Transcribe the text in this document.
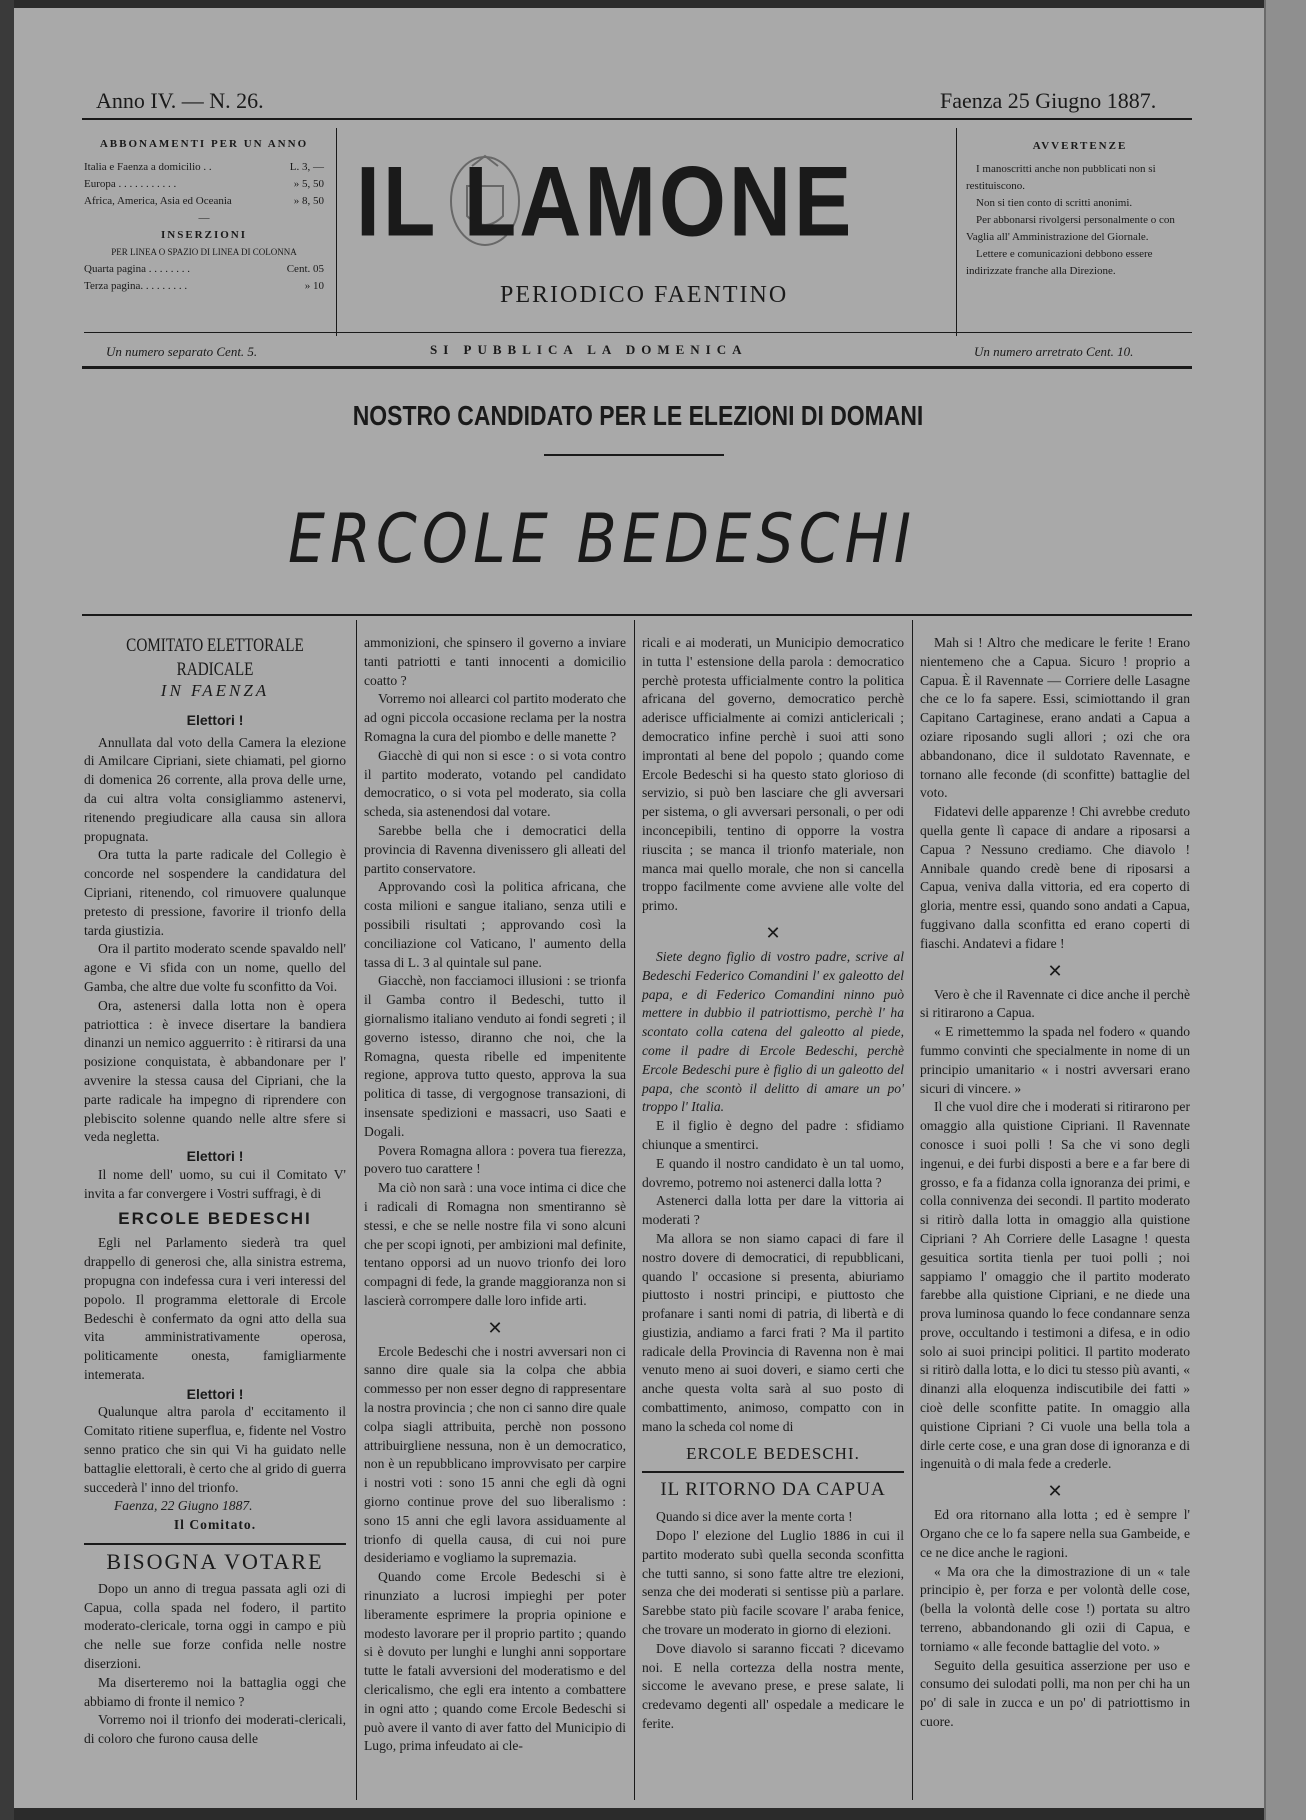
Anno IV. — N. 26.	Faenza 25 Giugno 1887.
ABBONAMENTI PER UN ANNO
Italia e Faenza a domicilio . .	L. 3, —
Europa . . . . . . . . . . .	» 5, 50
Africa, America, Asia ed Oceania	» 8, 50
—
INSERZIONI
PER LINEA O SPAZIO DI LINEA DI COLONNA
Quarta pagina . . . . . . . .	Cent. 05
Terza pagina. . . . . . . . .	» 10
Un numero separato Cent. 5.
IL LAMONE
PERIODICO FAENTINO
SI PUBBLICA LA DOMENICA
AVVERTENZE

I manoscritti anche non pubblicati non si restituiscono.

Non si tien conto di scritti anonimi.

Per abbonarsi rivolgersi personalmente o con Vaglia all' Amministrazione del Giornale.

Lettere e comunicazioni debbono essere indirizzate franche alla Direzione.

Un numero arretrato Cent. 10.
NOSTRO CANDIDATO PER LE ELEZIONI DI DOMANI
ERCOLE BEDESCHI
COMITATO ELETTORALE RADICALE
IN FAENZA
Elettori !

Annullata dal voto della Camera la elezione di Amilcare Cipriani, siete chiamati, pel giorno di domenica 26 corrente, alla prova delle urne, da cui altra volta consigliammo astenervi, ritenendo pregiudicare alla causa sin allora propugnata.

Ora tutta la parte radicale del Collegio è concorde nel sospendere la candidatura del Cipriani, ritenendo, col rimuovere qualunque pretesto di pressione, favorire il trionfo della tarda giustizia.

Ora il partito moderato scende spavaldo nell' agone e Vi sfida con un nome, quello del Gamba, che altre due volte fu sconfitto da Voi.

Ora, astenersi dalla lotta non è opera patriottica : è invece disertare la bandiera dinanzi un nemico agguerrito : è ritirarsi da una posizione conquistata, è abbandonare per l' avvenire la stessa causa del Cipriani, che la parte radicale ha impegno di riprendere con plebiscito solenne quando nelle altre sfere si veda negletta.

Elettori !

Il nome dell' uomo, su cui il Comitato V' invita a far convergere i Vostri suffragi, è di

ERCOLE BEDESCHI

Egli nel Parlamento siederà tra quel drappello di generosi che, alla sinistra estrema, propugna con indefessa cura i veri interessi del popolo. Il programma elettorale di Ercole Bedeschi è confermato da ogni atto della sua vita amministrativamente operosa, politicamente onesta, famigliarmente intemerata.

Elettori !

Qualunque altra parola d' eccitamento il Comitato ritiene superflua, e, fidente nel Vostro senno pratico che sin qui Vi ha guidato nelle battaglie elettorali, è certo che al grido di guerra succederà l' inno del trionfo.

Faenza, 22 Giugno 1887.
Il Comitato.
BISOGNA VOTARE

Dopo un anno di tregua passata agli ozi di Capua, colla spada nel fodero, il partito moderato-clericale, torna oggi in campo e più che nelle sue forze confida nelle nostre diserzioni.

Ma diserteremo noi la battaglia oggi che abbiamo di fronte il nemico ?

Vorremo noi il trionfo dei moderati-clericali, di coloro che furono causa delle

ammonizioni, che spinsero il governo a inviare tanti patriotti e tanti innocenti a domicilio coatto ?

Vorremo noi allearci col partito moderato che ad ogni piccola occasione reclama per la nostra Romagna la cura del piombo e delle manette ?

Giacchè di qui non si esce : o si vota contro il partito moderato, votando pel candidato democratico, o si vota pel moderato, sia colla scheda, sia astenendosi dal votare.

Sarebbe bella che i democratici della provincia di Ravenna divenissero gli alleati del partito conservatore.

Approvando così la politica africana, che costa milioni e sangue italiano, senza utili e possibili risultati ; approvando così la conciliazione col Vaticano, l' aumento della tassa di L. 3 al quintale sul pane.

Giacchè, non facciamoci illusioni : se trionfa il Gamba contro il Bedeschi, tutto il giornalismo italiano venduto ai fondi segreti ; il governo istesso, diranno che noi, che la Romagna, questa ribelle ed impenitente regione, approva tutto questo, approva la sua politica di tasse, di vergognose transazioni, di insensate spedizioni e massacri, uso Saati e Dogali.

Povera Romagna allora : povera tua fierezza, povero tuo carattere !

Ma ciò non sarà : una voce intima ci dice che i radicali di Romagna non smentiranno sè stessi, e che se nelle nostre fila vi sono alcuni che per scopi ignoti, per ambizioni mal definite, tentano opporsi ad un nuovo trionfo dei loro compagni di fede, la grande maggioranza non si lascierà corrompere dalle loro infide arti.

✕

Ercole Bedeschi che i nostri avversari non ci sanno dire quale sia la colpa che abbia commesso per non esser degno di rappresentare la nostra provincia ; che non ci sanno dire quale colpa siagli attribuita, perchè non possono attribuirgliene nessuna, non è un democratico, non è un repubblicano improvvisato per carpire i nostri voti : sono 15 anni che egli dà ogni giorno continue prove del suo liberalismo : sono 15 anni che egli lavora assiduamente al trionfo di quella causa, di cui noi pure desideriamo e vogliamo la supremazia.

Quando come Ercole Bedeschi si è rinunziato a lucrosi impieghi per poter liberamente esprimere la propria opinione e modesto lavorare per il proprio partito ; quando si è dovuto per lunghi e lunghi anni sopportare tutte le fatali avversioni del moderatismo e del clericalismo, che egli era intento a combattere in ogni atto ; quando come Ercole Bedeschi si può avere il vanto di aver fatto del Municipio di Lugo, prima infeudato ai cle-

ricali e ai moderati, un Municipio democratico in tutta l' estensione della parola : democratico perchè protesta ufficialmente contro la politica africana del governo, democratico perchè aderisce ufficialmente ai comizi anticlericali ; democratico infine perchè i suoi atti sono improntati al bene del popolo ; quando come Ercole Bedeschi si ha questo stato glorioso di servizio, si può ben lasciare che gli avversari per sistema, o gli avversari personali, o per odi inconcepibili, tentino di opporre la vostra riuscita ; se manca il trionfo materiale, non manca mai quello morale, che non si cancella troppo facilmente come avviene alle volte del primo.

✕

Siete degno figlio di vostro padre, scrive al Bedeschi Federico Comandini l' ex galeotto del papa, e di Federico Comandini ninno può mettere in dubbio il patriottismo, perchè l' ha scontato colla catena del galeotto al piede, come il padre di Ercole Bedeschi, perchè Ercole Bedeschi pure è figlio di un galeotto del papa, che scontò il delitto di amare un po' troppo l' Italia.

E il figlio è degno del padre : sfidiamo chiunque a smentirci.

E quando il nostro candidato è un tal uomo, dovremo, potremo noi astenerci dalla lotta ?

Astenerci dalla lotta per dare la vittoria ai moderati ?

Ma allora se non siamo capaci di fare il nostro dovere di democratici, di repubblicani, quando l' occasione si presenta, abiuriamo piuttosto i nostri principi, e piuttosto che profanare i santi nomi di patria, di libertà e di giustizia, andiamo a farci frati ? Ma il partito radicale della Provincia di Ravenna non è mai venuto meno ai suoi doveri, e siamo certi che anche questa volta sarà al suo posto di combattimento, animoso, compatto con in mano la scheda col nome di

ERCOLE BEDESCHI.
IL RITORNO DA CAPUA

Quando si dice aver la mente corta !

Dopo l' elezione del Luglio 1886 in cui il partito moderato subì quella seconda sconfitta che tutti sanno, si sono fatte altre tre elezioni, senza che dei moderati si sentisse più a parlare. Sarebbe stato più facile scovare l' araba fenice, che trovare un moderato in giorno di elezioni.

Dove diavolo si saranno ficcati ? dicevamo noi. E nella cortezza della nostra mente, siccome le avevano prese, e prese salate, li credevamo degenti all' ospedale a medicare le ferite.

Mah si ! Altro che medicare le ferite ! Erano nientemeno che a Capua. Sicuro ! proprio a Capua. È il Ravennate — Corriere delle Lasagne che ce lo fa sapere. Essi, scimiottando il gran Capitano Cartaginese, erano andati a Capua a oziare riposando sugli allori ; ozi che ora abbandonano, dice il suldotato Ravennate, e tornano alle feconde (di sconfitte) battaglie del voto.

Fidatevi delle apparenze ! Chi avrebbe creduto quella gente lì capace di andare a riposarsi a Capua ? Nessuno crediamo. Che diavolo ! Annibale quando credè bene di riposarsi a Capua, veniva dalla vittoria, ed era coperto di gloria, mentre essi, quando sono andati a Capua, fuggivano dalla sconfitta ed erano coperti di fiaschi. Andatevi a fidare !

✕

Vero è che il Ravennate ci dice anche il perchè si ritirarono a Capua.

« E rimettemmo la spada nel fodero « quando fummo convinti che specialmente in nome di un principio umanitario « i nostri avversari erano sicuri di vincere. »

Il che vuol dire che i moderati si ritirarono per omaggio alla quistione Cipriani. Il Ravennate conosce i suoi polli ! Sa che vi sono degli ingenui, e dei furbi disposti a bere e a far bere di grosso, e fa a fidanza colla ignoranza dei primi, e colla connivenza dei secondi. Il partito moderato si ritirò dalla lotta in omaggio alla quistione Cipriani ? Ah Corriere delle Lasagne ! questa gesuitica sortita tienla per tuoi polli ; noi sappiamo l' omaggio che il partito moderato farebbe alla quistione Cipriani, e ne diede una prova luminosa quando lo fece condannare senza prove, occultando i testimoni a difesa, e in odio solo ai suoi principi politici. Il partito moderato si ritirò dalla lotta, e lo dici tu stesso più avanti, « dinanzi alla eloquenza indiscutibile dei fatti » cioè delle sconfitte patite. In omaggio alla quistione Cipriani ? Ci vuole una bella tola a dirle certe cose, e una gran dose di ignoranza e di ingenuità o di mala fede a crederle.

✕

Ed ora ritornano alla lotta ; ed è sempre l' Organo che ce lo fa sapere nella sua Gambeide, e ce ne dice anche le ragioni.

« Ma ora che la dimostrazione di un « tale principio è, per forza e per volontà delle cose, (bella la volontà delle cose !) portata su altro terreno, abbandonando gli ozii di Capua, e torniamo « alle feconde battaglie del voto. »

Seguito della gesuitica asserzione per uso e consumo dei sulodati polli, ma non per chi ha un po' di sale in zucca e un po' di patriottismo in cuore.
